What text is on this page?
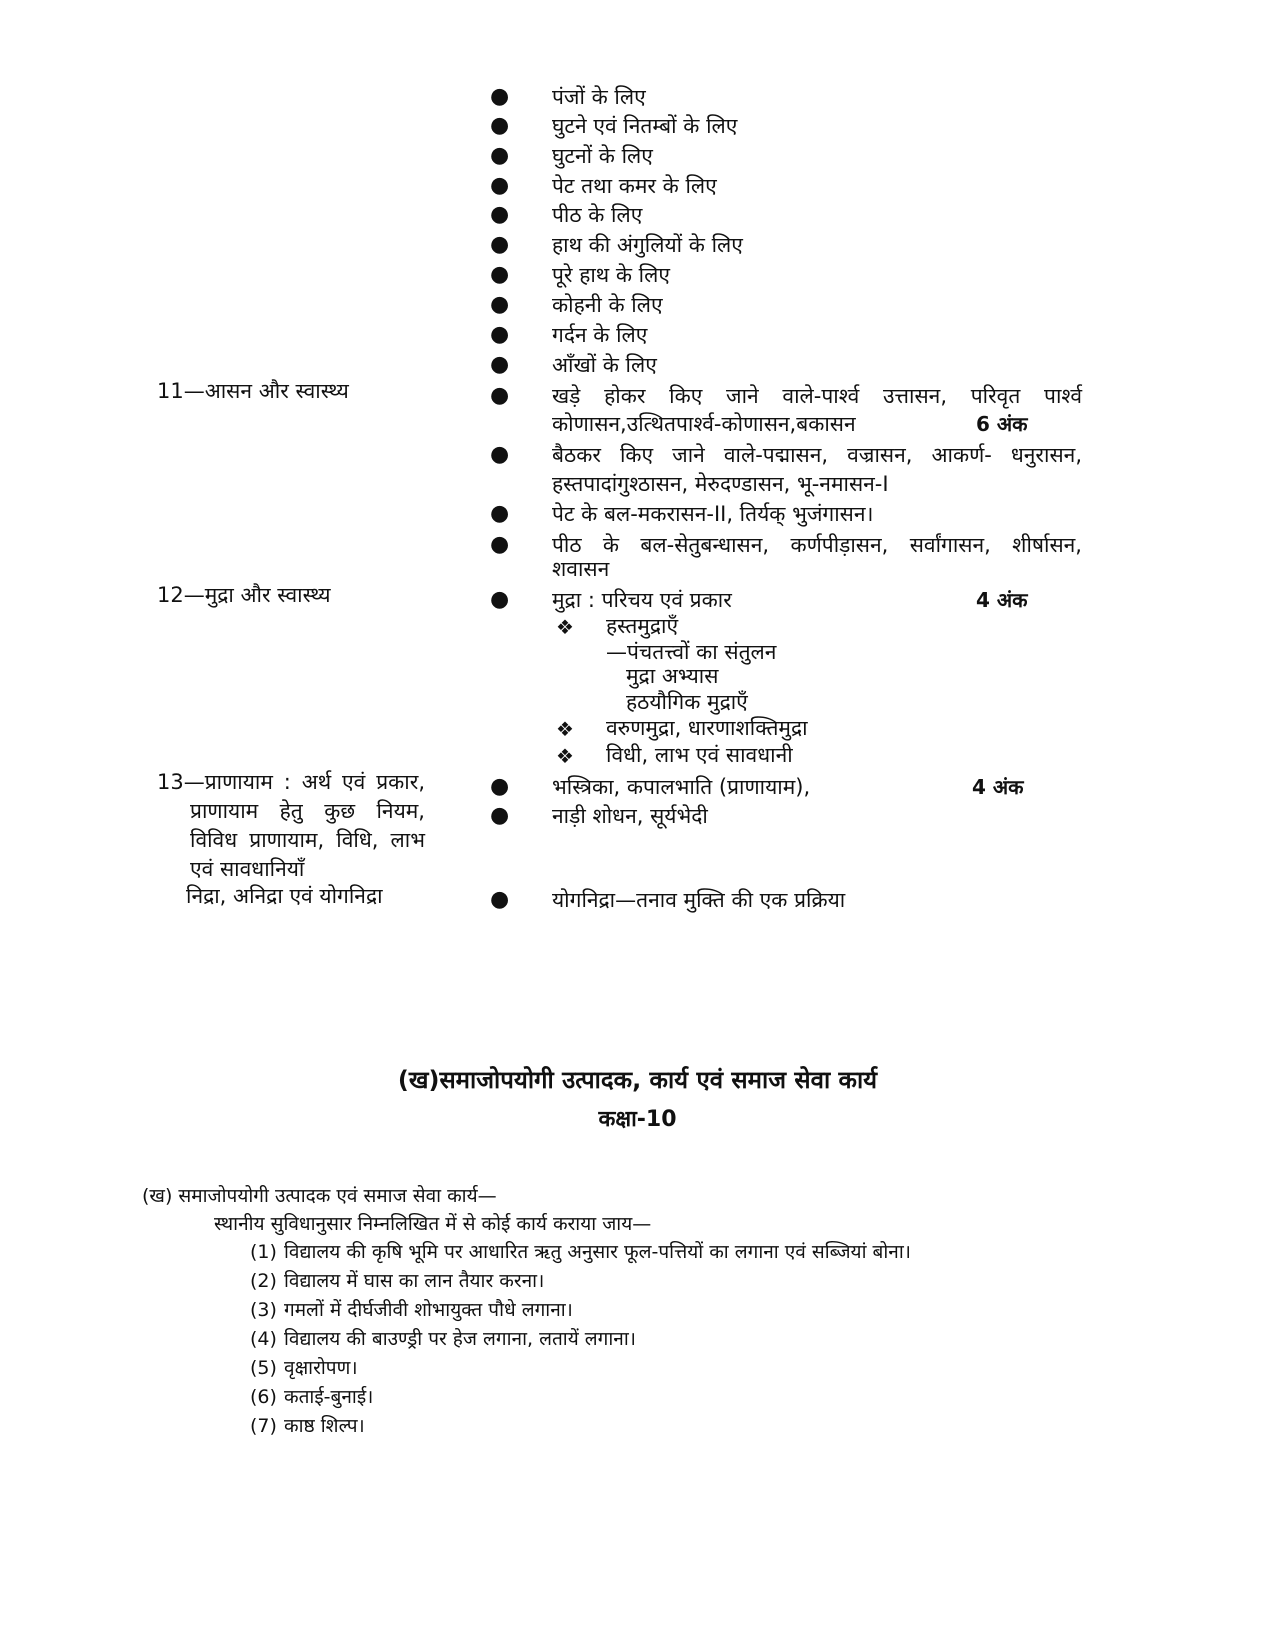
● पंजों के लिए
● घुटने एवं नितम्बों के लिए
● घुटनों के लिए
● पेट तथा कमर के लिए
● पीठ के लिए
● हाथ की अंगुलियों के लिए
● पूरे हाथ के लिए
● कोहनी के लिए
● गर्दन के लिए
● आँखों के लिए
11—आसन और स्वास्थ्य	● खड़े होकर किए जाने वाले-पार्श्व उत्तासन, परिवृत पार्श्व
कोणासन,उत्थितपार्श्व-कोणासन,बकासन	6 अंक
● बैठकर किए जाने वाले-पद्मासन, वज्रासन, आकर्ण- धनुरासन,
हस्तपादांगुश्ठासन, मेरुदण्डासन, भू-नमासन-I
● पेट के बल-मकरासन-II, तिर्यक् भुजंगासन।
● पीठ के बल-सेतुबन्धासन, कर्णपीड़ासन, सर्वांगासन, शीर्षासन,
शवासन
12—मुद्रा और स्वास्थ्य	● मुद्रा : परिचय एवं प्रकार	4 अंक
❖ हस्तमुद्राएँ
—पंचतत्त्वों का संतुलन
मुद्रा अभ्यास
हठयौगिक मुद्राएँ
❖ वरुणमुद्रा, धारणाशक्तिमुद्रा
❖ विधी, लाभ एवं सावधानी
13—प्राणायाम : अर्थ एवं प्रकार,
प्राणायाम हेतु कुछ नियम,
विविध प्राणायाम, विधि, लाभ
एवं सावधानियाँ
निद्रा, अनिद्रा एवं योगनिद्रा
● भस्त्रिका, कपालभाति (प्राणायाम),	4 अंक
● नाड़ी शोधन, सूर्यभेदी
● योगनिद्रा—तनाव मुक्ति की एक प्रक्रिया
(ख)समाजोपयोगी उत्पादक, कार्य एवं समाज सेवा कार्य
कक्षा-10
(ख) समाजोपयोगी उत्पादक एवं समाज सेवा कार्य—
स्थानीय सुविधानुसार निम्नलिखित में से कोई कार्य कराया जाय—
(1) विद्यालय की कृषि भूमि पर आधारित ऋतु अनुसार फूल-पत्तियों का लगाना एवं सब्जियां बोना।
(2) विद्यालय में घास का लान तैयार करना।
(3) गमलों में दीर्घजीवी शोभायुक्त पौधे लगाना।
(4) विद्यालय की बाउण्ड्री पर हेज लगाना, लतायें लगाना।
(5) वृक्षारोपण।
(6) कताई-बुनाई।
(7) काष्ठ शिल्प।
